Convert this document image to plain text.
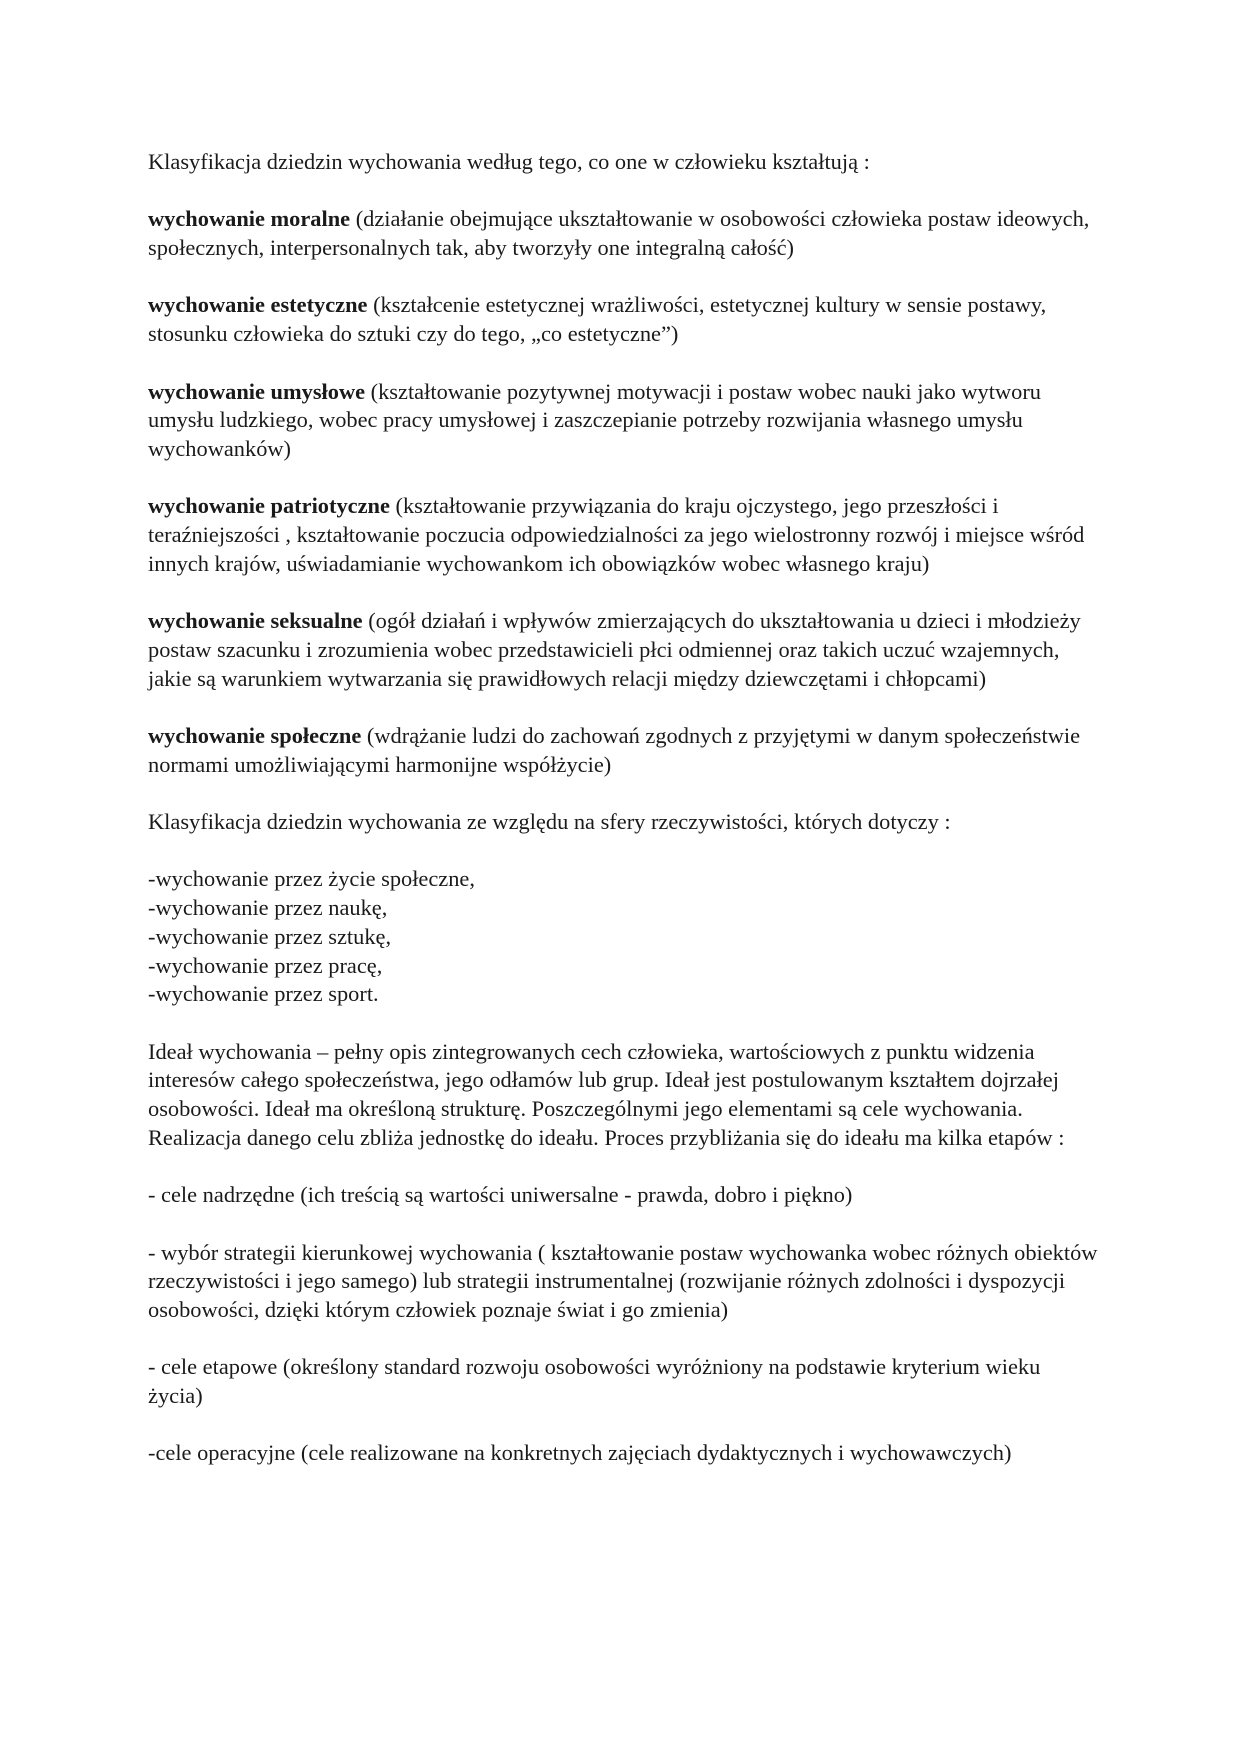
Klasyfikacja dziedzin wychowania według tego, co one w człowieku kształtują :

wychowanie moralne (działanie obejmujące ukształtowanie w osobowości człowieka postaw ideowych, społecznych, interpersonalnych tak, aby tworzyły one integralną całość)

wychowanie estetyczne (kształcenie estetycznej wrażliwości, estetycznej kultury w sensie postawy, stosunku człowieka do sztuki czy do tego, „co estetyczne”)

wychowanie umysłowe (kształtowanie pozytywnej motywacji i postaw wobec nauki jako wytworu umysłu ludzkiego, wobec pracy umysłowej i zaszczepianie potrzeby rozwijania własnego umysłu wychowanków)

wychowanie patriotyczne (kształtowanie przywiązania do kraju ojczystego, jego przeszłości i teraźniejszości , kształtowanie poczucia odpowiedzialności za jego wielostronny rozwój i miejsce wśród innych krajów, uświadamianie wychowankom ich obowiązków wobec własnego kraju)

wychowanie seksualne (ogół działań i wpływów zmierzających do ukształtowania u dzieci i młodzieży postaw szacunku i zrozumienia wobec przedstawicieli płci odmiennej oraz takich uczuć wzajemnych, jakie są warunkiem wytwarzania się prawidłowych relacji między dziewczętami i chłopcami)

wychowanie społeczne (wdrążanie ludzi do zachowań zgodnych z przyjętymi w danym społeczeństwie normami umożliwiającymi harmonijne współżycie)

Klasyfikacja dziedzin wychowania ze względu na sfery rzeczywistości, których dotyczy :

-wychowanie przez życie społeczne,
-wychowanie przez naukę,
-wychowanie przez sztukę,
-wychowanie przez pracę,
-wychowanie przez sport.

Ideał wychowania – pełny opis zintegrowanych cech człowieka, wartościowych z punktu widzenia interesów całego społeczeństwa, jego odłamów lub grup. Ideał jest postulowanym kształtem dojrzałej osobowości. Ideał ma określoną strukturę. Poszczególnymi jego elementami są cele wychowania. Realizacja danego celu zbliża jednostkę do ideału. Proces przybliżania się do ideału ma kilka etapów :

- cele nadrzędne (ich treścią są wartości uniwersalne - prawda, dobro i piękno)

- wybór strategii kierunkowej wychowania ( kształtowanie postaw wychowanka wobec różnych obiektów rzeczywistości i jego samego) lub strategii instrumentalnej (rozwijanie różnych zdolności i dyspozycji osobowości, dzięki którym człowiek poznaje świat i go zmienia)

- cele etapowe (określony standard rozwoju osobowości wyróżniony na podstawie kryterium wieku życia)

-cele operacyjne (cele realizowane na konkretnych zajęciach dydaktycznych i wychowawczych)
